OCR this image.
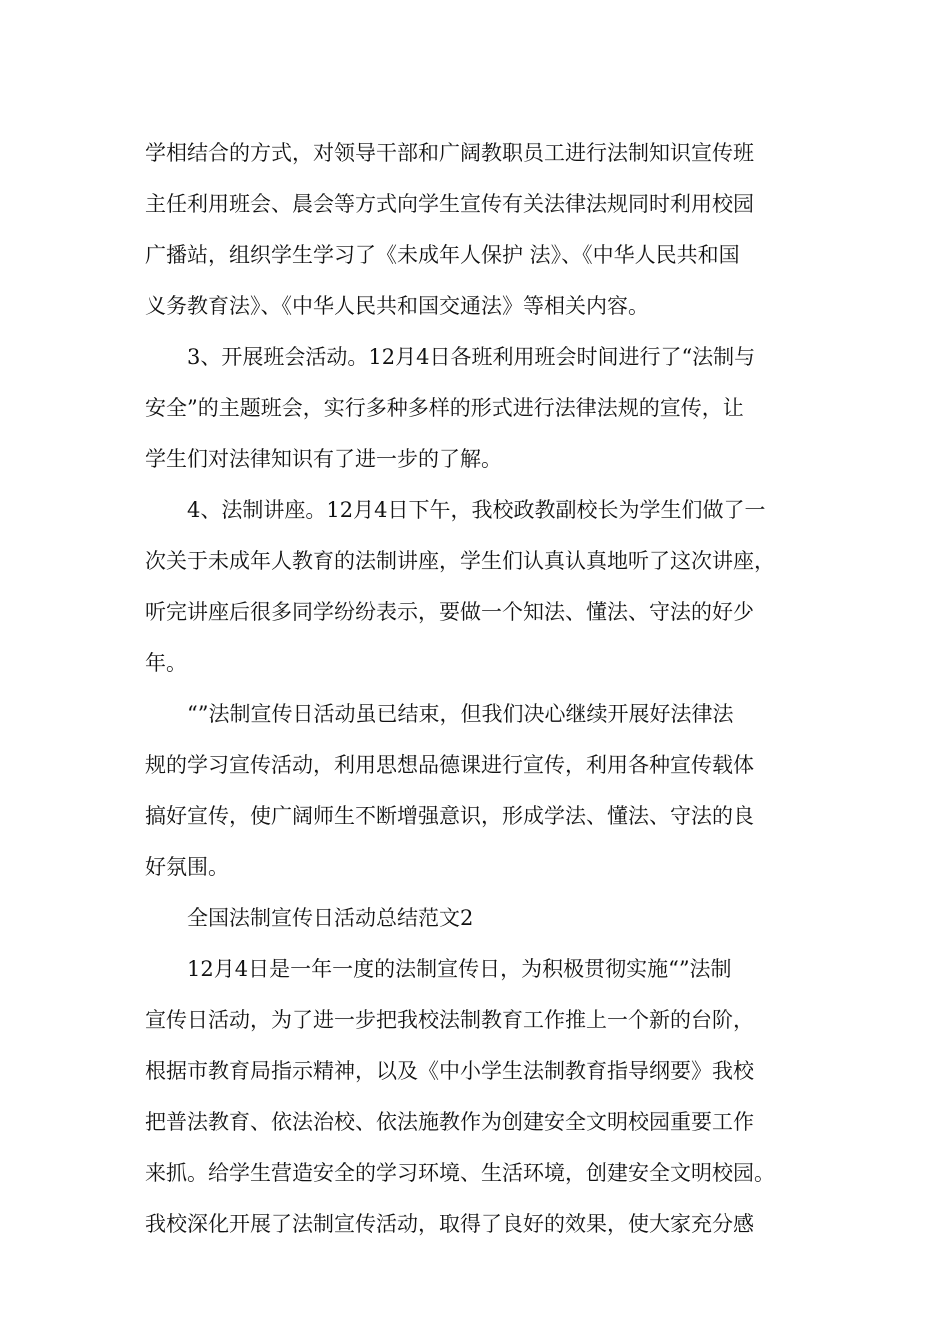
学相结合的方式，对领导干部和广阔教职员工进行法制知识宣传班
主任利用班会、晨会等方式向学生宣传有关法律法规同时利用校园
广播站，组织学生学习了《未成年人保护 法》、《中华人民共和国
义务教育法》、《中华人民共和国交通法》等相关内容。
3、开展班会活动。12月4日各班利用班会时间进行了“法制与
安全”的主题班会，实行多种多样的形式进行法律法规的宣传，让
学生们对法律知识有了进一步的了解。
4、法制讲座。12月4日下午，我校政教副校长为学生们做了一
次关于未成年人教育的法制讲座，学生们认真认真地听了这次讲座，
听完讲座后很多同学纷纷表示，要做一个知法、懂法、守法的好少
年。
“”法制宣传日活动虽已结束，但我们决心继续开展好法律法
规的学习宣传活动，利用思想品德课进行宣传，利用各种宣传载体
搞好宣传，使广阔师生不断增强意识，形成学法、懂法、守法的良
好氛围。
全国法制宣传日活动总结范文2
12月4日是一年一度的法制宣传日，为积极贯彻实施“”法制
宣传日活动，为了进一步把我校法制教育工作推上一个新的台阶，
根据市教育局指示精神，以及《中小学生法制教育指导纲要》我校
把普法教育、依法治校、依法施教作为创建安全文明校园重要工作
来抓。给学生营造安全的学习环境、生活环境，创建安全文明校园。
我校深化开展了法制宣传活动，取得了良好的效果，使大家充分感
